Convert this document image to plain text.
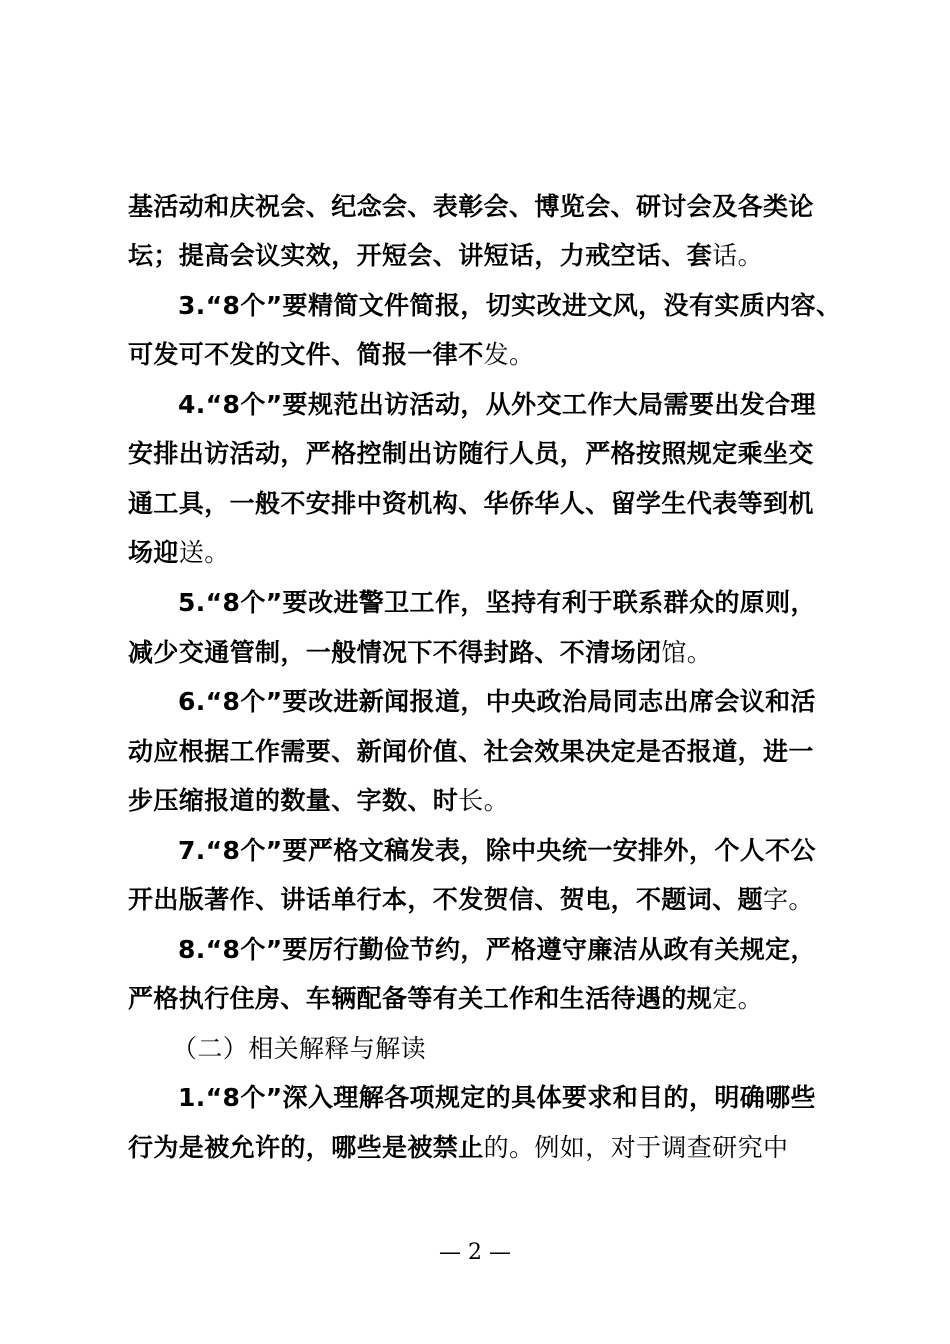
基活动和庆祝会、纪念会、表彰会、博览会、研讨会及各类论
坛；提高会议实效，开短会、讲短话，力戒空话、套话。
3.“8个”要精简文件简报，切实改进文风，没有实质内容、
可发可不发的文件、简报一律不发。
4.“8个”要规范出访活动，从外交工作大局需要出发合理
安排出访活动，严格控制出访随行人员，严格按照规定乘坐交
通工具，一般不安排中资机构、华侨华人、留学生代表等到机
场迎送。
5.“8个”要改进警卫工作，坚持有利于联系群众的原则，
减少交通管制，一般情况下不得封路、不清场闭馆。
6.“8个”要改进新闻报道，中央政治局同志出席会议和活
动应根据工作需要、新闻价值、社会效果决定是否报道，进一
步压缩报道的数量、字数、时长。
7.“8个”要严格文稿发表，除中央统一安排外，个人不公
开出版著作、讲话单行本，不发贺信、贺电，不题词、题字。
8.“8个”要厉行勤俭节约，严格遵守廉洁从政有关规定，
严格执行住房、车辆配备等有关工作和生活待遇的规定。
（二）相关解释与解读
1.“8个”深入理解各项规定的具体要求和目的，明确哪些
行为是被允许的，哪些是被禁止的。例如，对于调查研究中
— 2 —
